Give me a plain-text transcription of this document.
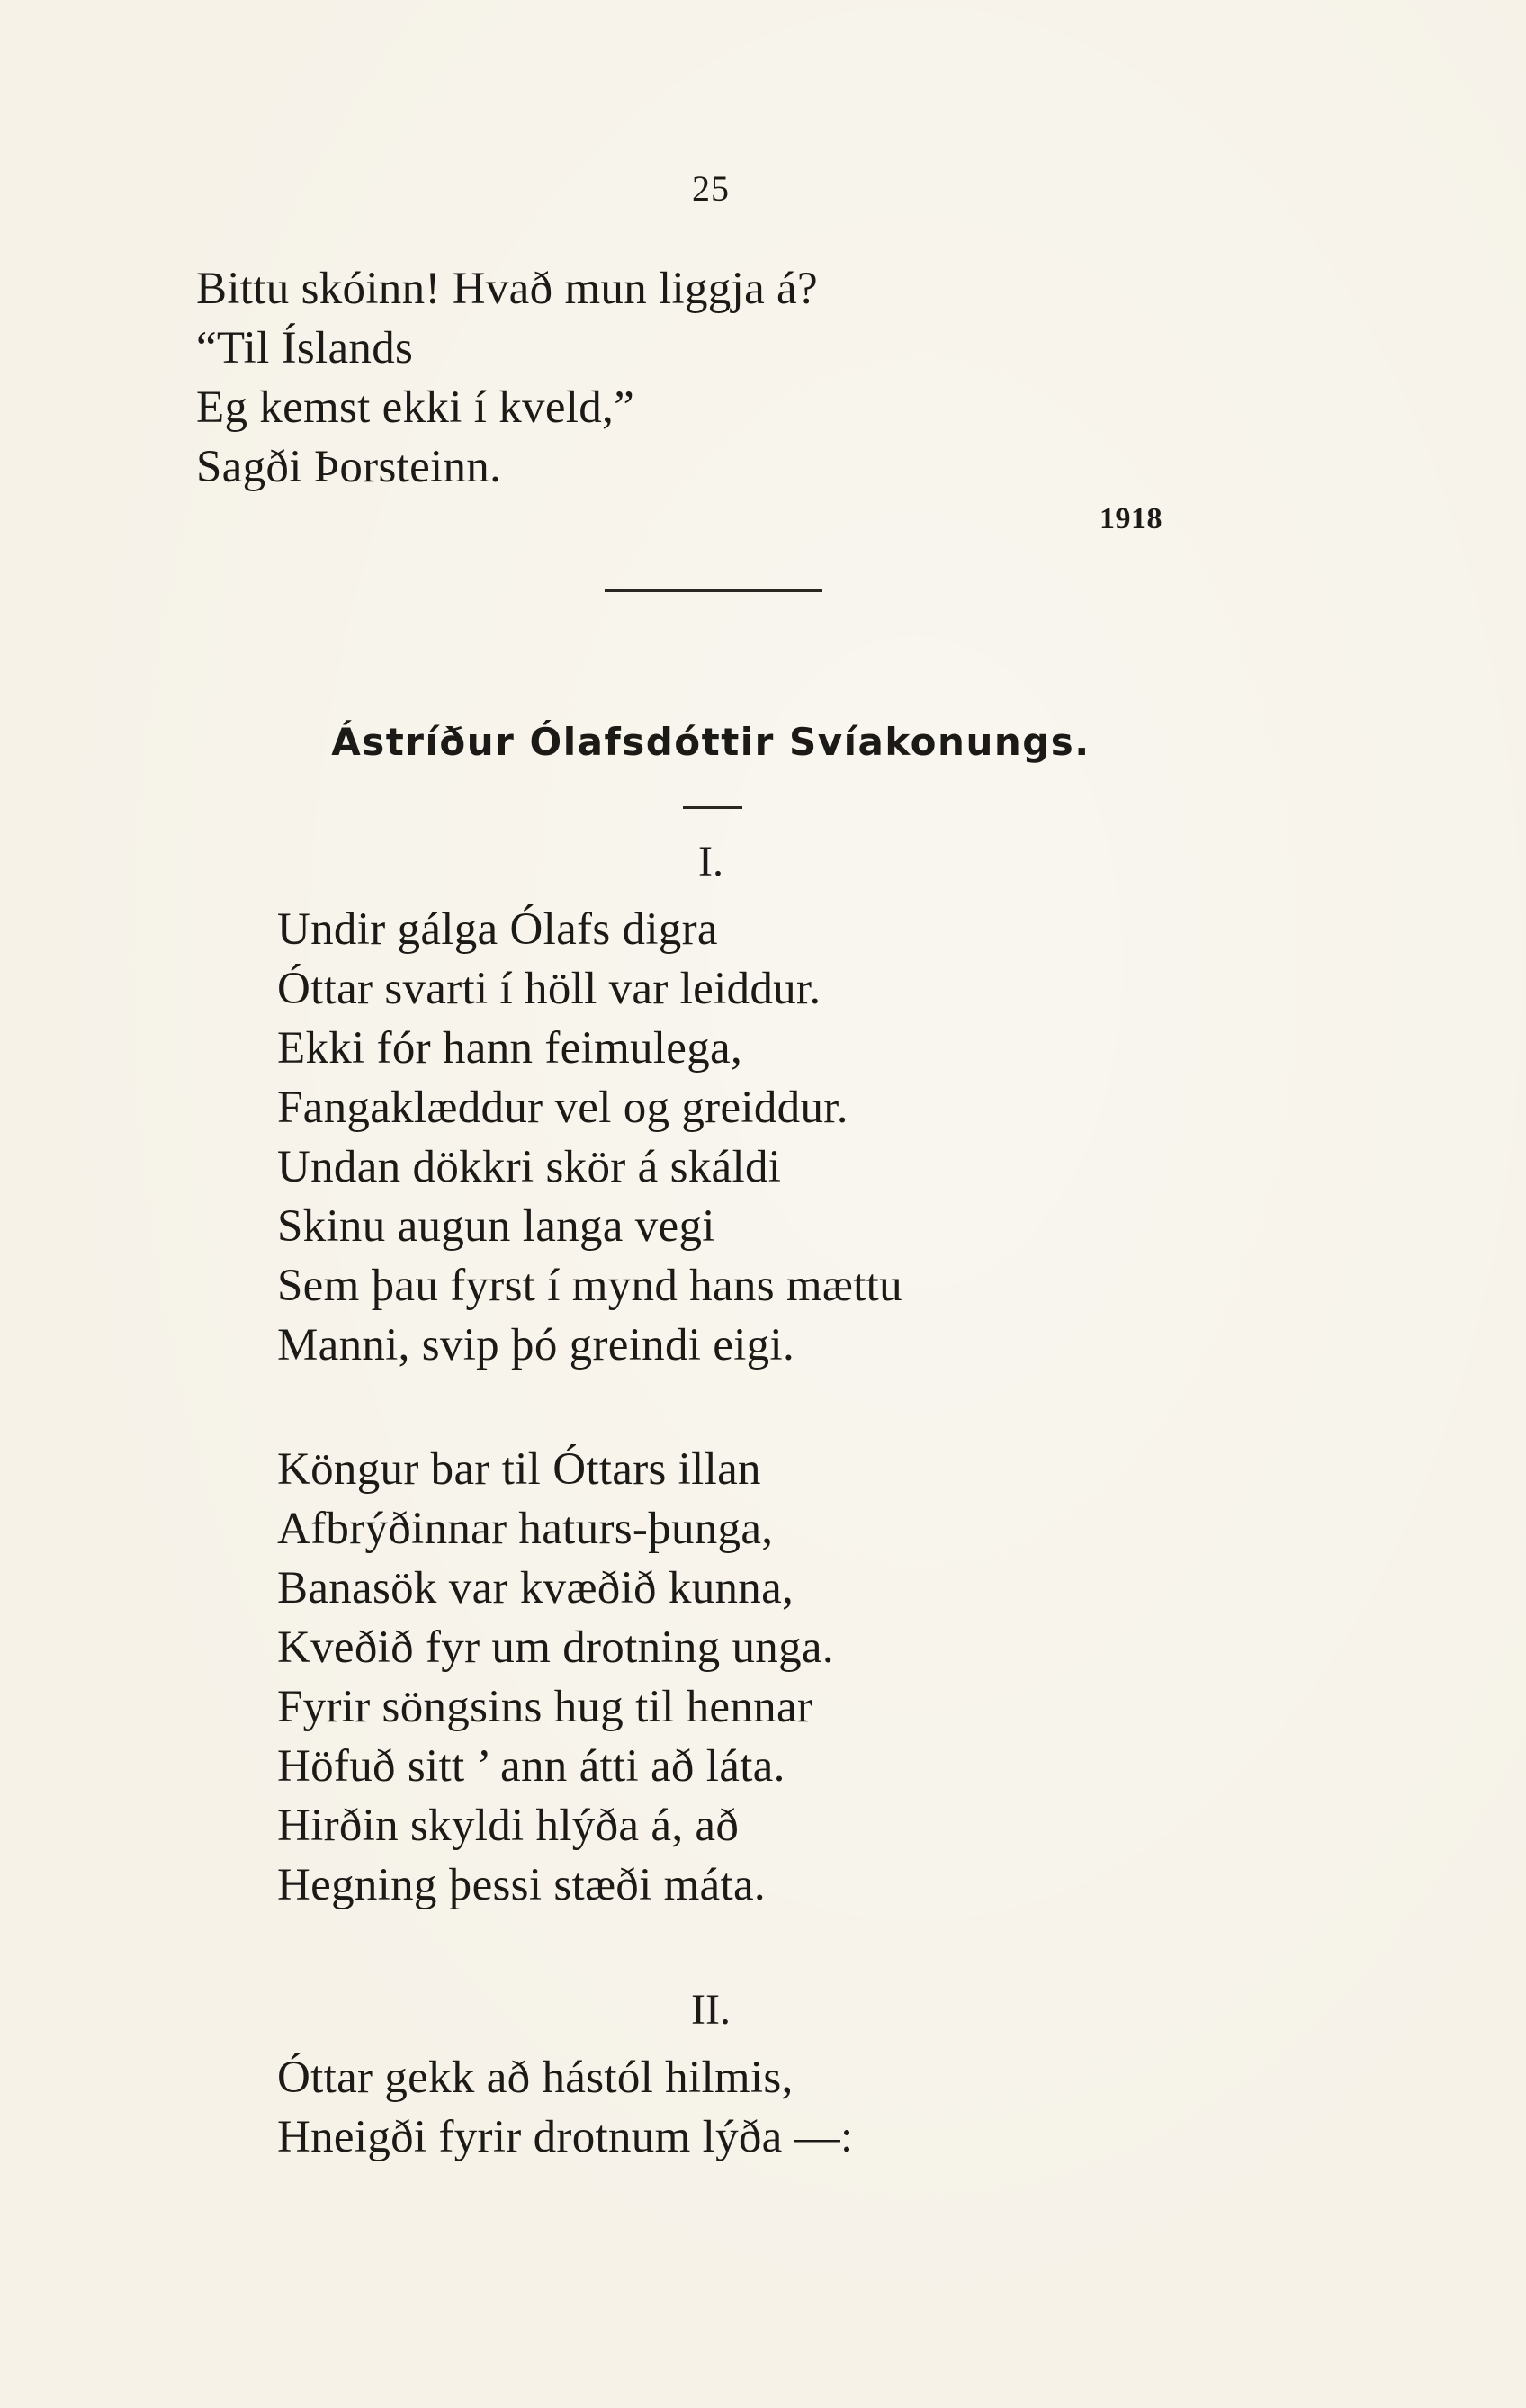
25
Bittu skóinn! Hvað mun liggja á?
“Til Íslands
Eg kemst ekki í kveld,”
Sagði Þorsteinn.
1918
Ástríður Ólafsdóttir Svíakonungs.
I.
Undir gálga Ólafs digra
Óttar svarti í höll var leiddur.
Ekki fór hann feimulega,
Fangaklæddur vel og greiddur.
Undan dökkri skör á skáldi
Skinu augun langa vegi
Sem þau fyrst í mynd hans mættu
Manni, svip þó greindi eigi.
Köngur bar til Óttars illan
Afbrýðinnar haturs-þunga,
Banasök var kvæðið kunna,
Kveðið fyr um drotning unga.
Fyrir söngsins hug til hennar
Höfuð sitt ’ ann átti að láta.
Hirðin skyldi hlýða á, að
Hegning þessi stæði máta.
II.
Óttar gekk að hástól hilmis,
Hneigði fyrir drotnum lýða —:
